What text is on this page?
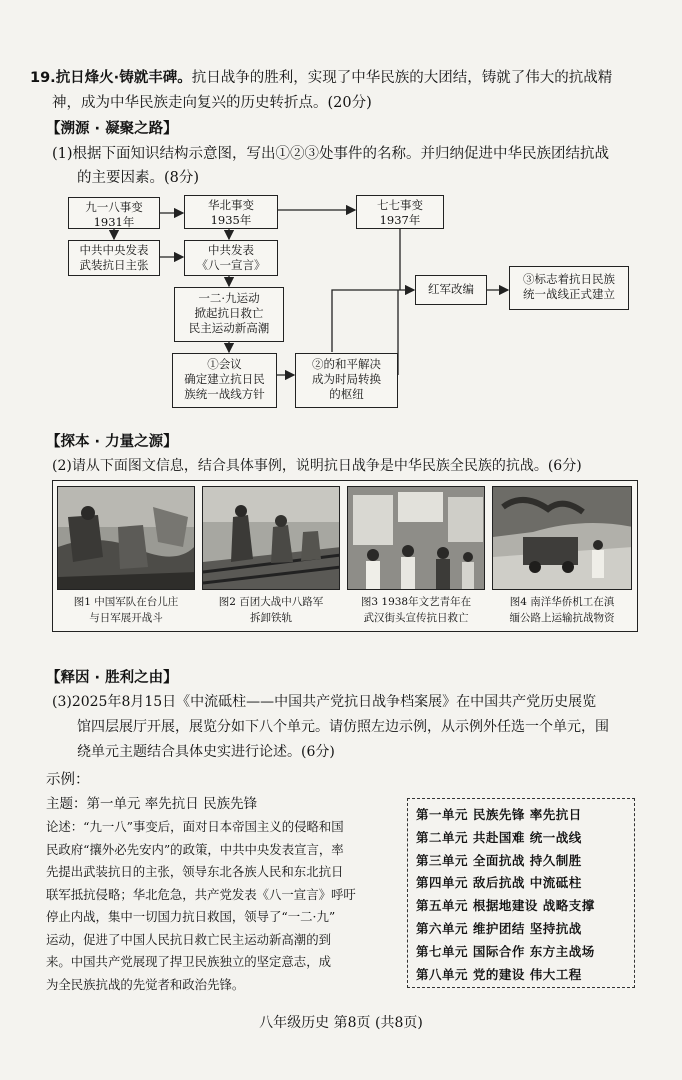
19.抗日烽火·铸就丰碑。抗日战争的胜利，实现了中华民族的大团结，铸就了伟大的抗战精
神，成为中华民族走向复兴的历史转折点。(20分)
【溯源 · 凝聚之路】
(1)根据下面知识结构示意图，写出①②③处事件的名称。并归纳促进中华民族团结抗战
的主要因素。(8分)
九一八事变
1931年
华北事变
1935年
七七事变
1937年
中共中央发表
武装抗日主张
中共发表
《八一宣言》
一二·九运动
掀起抗日救亡
民主运动新高潮
①会议
确定建立抗日民
族统一战线方针
②的和平解决
成为时局转换
的枢纽
红军改编
③标志着抗日民族
统一战线正式建立
【探本 · 力量之源】
(2)请从下面图文信息，结合具体事例，说明抗日战争是中华民族全民族的抗战。(6分)
图1 中国军队在台儿庄
与日军展开战斗
图2 百团大战中八路军
拆卸铁轨
图3 1938年文艺青年在
武汉街头宣传抗日救亡
图4 南洋华侨机工在滇
缅公路上运输抗战物资
【释因 · 胜利之由】
(3)2025年8月15日《中流砥柱——中国共产党抗日战争档案展》在中国共产党历史展览
馆四层展厅开展，展览分如下八个单元。请仿照左边示例，从示例外任选一个单元，围
绕单元主题结合具体史实进行论述。(6分)
示例：
主题：第一单元 率先抗日 民族先锋
论述：“九一八”事变后，面对日本帝国主义的侵略和国
民政府“攘外必先安内”的政策，中共中央发表宣言，率
先提出武装抗日的主张，领导东北各族人民和东北抗日
联军抵抗侵略；华北危急，共产党发表《八一宣言》呼吁
停止内战，集中一切国力抗日救国，领导了“一二·九”
运动，促进了中国人民抗日救亡民主运动新高潮的到
来。中国共产党展现了捍卫民族独立的坚定意志，成
为全民族抗战的先觉者和政治先锋。
第一单元 民族先锋 率先抗日
第二单元 共赴国难 统一战线
第三单元 全面抗战 持久制胜
第四单元 敌后抗战 中流砥柱
第五单元 根据地建设 战略支撑
第六单元 维护团结 坚持抗战
第七单元 国际合作 东方主战场
第八单元 党的建设 伟大工程
八年级历史 第8页 (共8页)
